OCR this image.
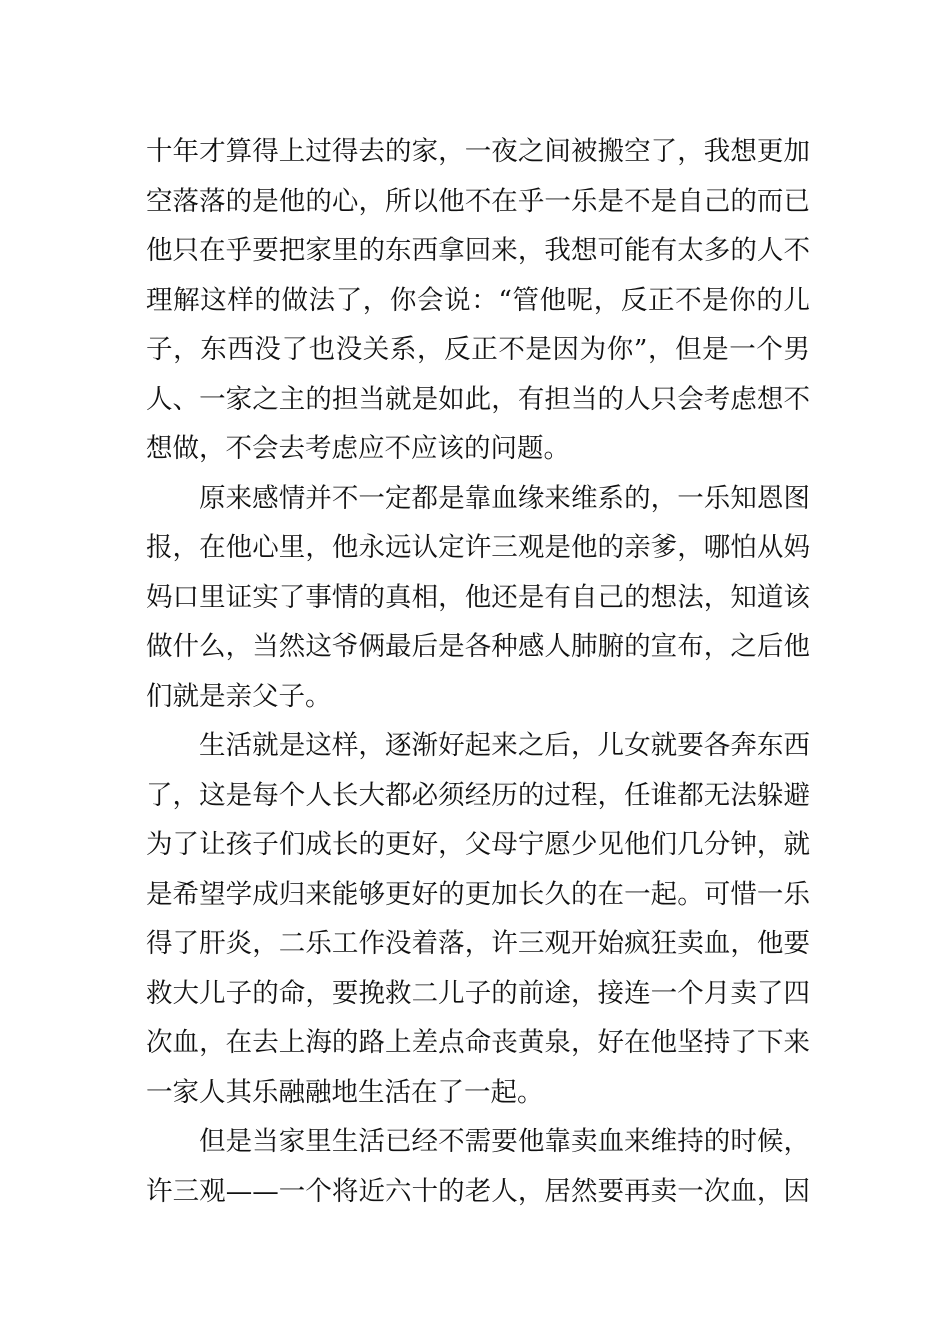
十年才算得上过得去的家，一夜之间被搬空了，我想更加
空落落的是他的心，所以他不在乎一乐是不是自己的而已
他只在乎要把家里的东西拿回来，我想可能有太多的人不
理解这样的做法了，你会说：“管他呢，反正不是你的儿
子，东西没了也没关系，反正不是因为你”，但是一个男
人、一家之主的担当就是如此，有担当的人只会考虑想不
想做，不会去考虑应不应该的问题。
原来感情并不一定都是靠血缘来维系的，一乐知恩图
报，在他心里，他永远认定许三观是他的亲爹，哪怕从妈
妈口里证实了事情的真相，他还是有自己的想法，知道该
做什么，当然这爷俩最后是各种感人肺腑的宣布，之后他
们就是亲父子。
生活就是这样，逐渐好起来之后，儿女就要各奔东西
了，这是每个人长大都必须经历的过程，任谁都无法躲避
为了让孩子们成长的更好，父母宁愿少见他们几分钟，就
是希望学成归来能够更好的更加长久的在一起。可惜一乐
得了肝炎，二乐工作没着落，许三观开始疯狂卖血，他要
救大儿子的命，要挽救二儿子的前途，接连一个月卖了四
次血，在去上海的路上差点命丧黄泉，好在他坚持了下来
一家人其乐融融地生活在了一起。
但是当家里生活已经不需要他靠卖血来维持的时候，
许三观——一个将近六十的老人，居然要再卖一次血，因
